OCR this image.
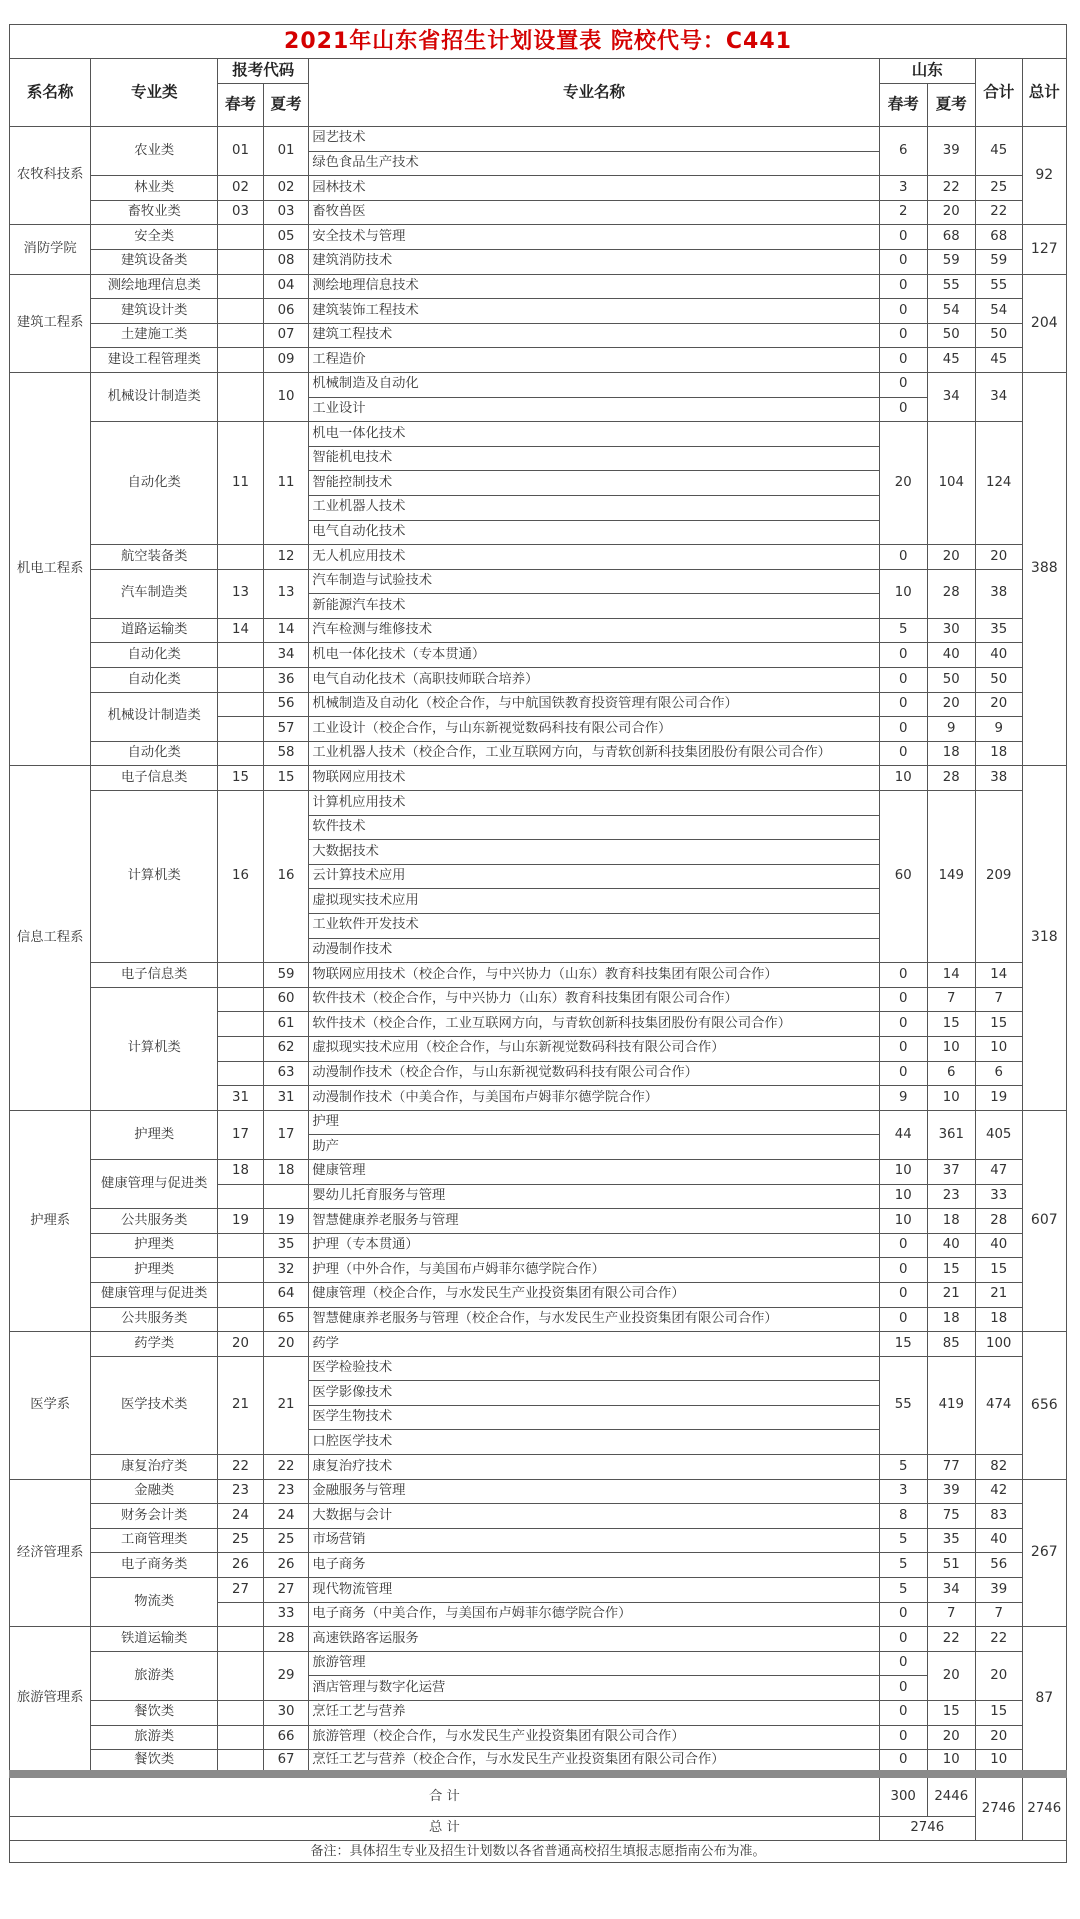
2021年山东省招生计划设置表 院校代号：C441
系名称	专业类	报考代码		专业名称	山东		合计	总计
		春考	夏考		春考	夏考		
农牧科技系	农业类	01	01	园艺技术	6	39	45	92
				绿色食品生产技术				
	林业类	02	02	园林技术	3	22	25	
	畜牧业类	03	03	畜牧兽医	2	20	22	
消防学院	安全类		05	安全技术与管理	0	68	68	127
	建筑设备类		08	建筑消防技术	0	59	59	
建筑工程系	测绘地理信息类		04	测绘地理信息技术	0	55	55	204
	建筑设计类		06	建筑装饰工程技术	0	54	54	
	土建施工类		07	建筑工程技术	0	50	50	
	建设工程管理类		09	工程造价	0	45	45	
机电工程系	机械设计制造类		10	机械制造及自动化	0	34	34	388
				工业设计	0			
	自动化类	11	11	机电一体化技术	20	104	124	
				智能机电技术				
				智能控制技术				
				工业机器人技术				
				电气自动化技术				
	航空装备类		12	无人机应用技术	0	20	20	
	汽车制造类	13	13	汽车制造与试验技术	10	28	38	
				新能源汽车技术				
	道路运输类	14	14	汽车检测与维修技术	5	30	35	
	自动化类		34	机电一体化技术（专本贯通）	0	40	40	
	自动化类		36	电气自动化技术（高职技师联合培养）	0	50	50	
	机械设计制造类		56	机械制造及自动化（校企合作，与中航国铁教育投资管理有限公司合作）	0	20	20	
			57	工业设计（校企合作，与山东新视觉数码科技有限公司合作）	0	9	9	
	自动化类		58	工业机器人技术（校企合作，工业互联网方向，与青软创新科技集团股份有限公司合作）	0	18	18	
信息工程系	电子信息类	15	15	物联网应用技术	10	28	38	318
	计算机类	16	16	计算机应用技术	60	149	209	
				软件技术				
				大数据技术				
				云计算技术应用				
				虚拟现实技术应用				
				工业软件开发技术				
				动漫制作技术				
	电子信息类		59	物联网应用技术（校企合作，与中兴协力（山东）教育科技集团有限公司合作）	0	14	14	
	计算机类		60	软件技术（校企合作，与中兴协力（山东）教育科技集团有限公司合作）	0	7	7	
			61	软件技术（校企合作，工业互联网方向，与青软创新科技集团股份有限公司合作）	0	15	15	
			62	虚拟现实技术应用（校企合作，与山东新视觉数码科技有限公司合作）	0	10	10	
			63	动漫制作技术（校企合作，与山东新视觉数码科技有限公司合作）	0	6	6	
		31	31	动漫制作技术（中美合作，与美国布卢姆菲尔德学院合作）	9	10	19	
护理系	护理类	17	17	护理	44	361	405	607
				助产				
	健康管理与促进类	18	18	健康管理	10	37	47	
				婴幼儿托育服务与管理	10	23	33	
	公共服务类	19	19	智慧健康养老服务与管理	10	18	28	
	护理类		35	护理（专本贯通）	0	40	40	
	护理类		32	护理（中外合作，与美国布卢姆菲尔德学院合作）	0	15	15	
	健康管理与促进类		64	健康管理（校企合作，与水发民生产业投资集团有限公司合作）	0	21	21	
	公共服务类		65	智慧健康养老服务与管理（校企合作，与水发民生产业投资集团有限公司合作）	0	18	18	
医学系	药学类	20	20	药学	15	85	100	656
	医学技术类	21	21	医学检验技术	55	419	474	
				医学影像技术				
				医学生物技术				
				口腔医学技术				
	康复治疗类	22	22	康复治疗技术	5	77	82	
经济管理系	金融类	23	23	金融服务与管理	3	39	42	267
	财务会计类	24	24	大数据与会计	8	75	83	
	工商管理类	25	25	市场营销	5	35	40	
	电子商务类	26	26	电子商务	5	51	56	
	物流类	27	27	现代物流管理	5	34	39	
			33	电子商务（中美合作，与美国布卢姆菲尔德学院合作）	0	7	7	
旅游管理系	铁道运输类		28	高速铁路客运服务	0	22	22	87
	旅游类		29	旅游管理	0	20	20	
				酒店管理与数字化运营	0			
	餐饮类		30	烹饪工艺与营养	0	15	15	
	旅游类		66	旅游管理（校企合作，与水发民生产业投资集团有限公司合作）	0	20	20	
	餐饮类		67	烹饪工艺与营养（校企合作，与水发民生产业投资集团有限公司合作）	0	10	10	
合 计					300	2446	2746	2746
总 计					2746			
备注：具体招生专业及招生计划数以各省普通高校招生填报志愿指南公布为准。
